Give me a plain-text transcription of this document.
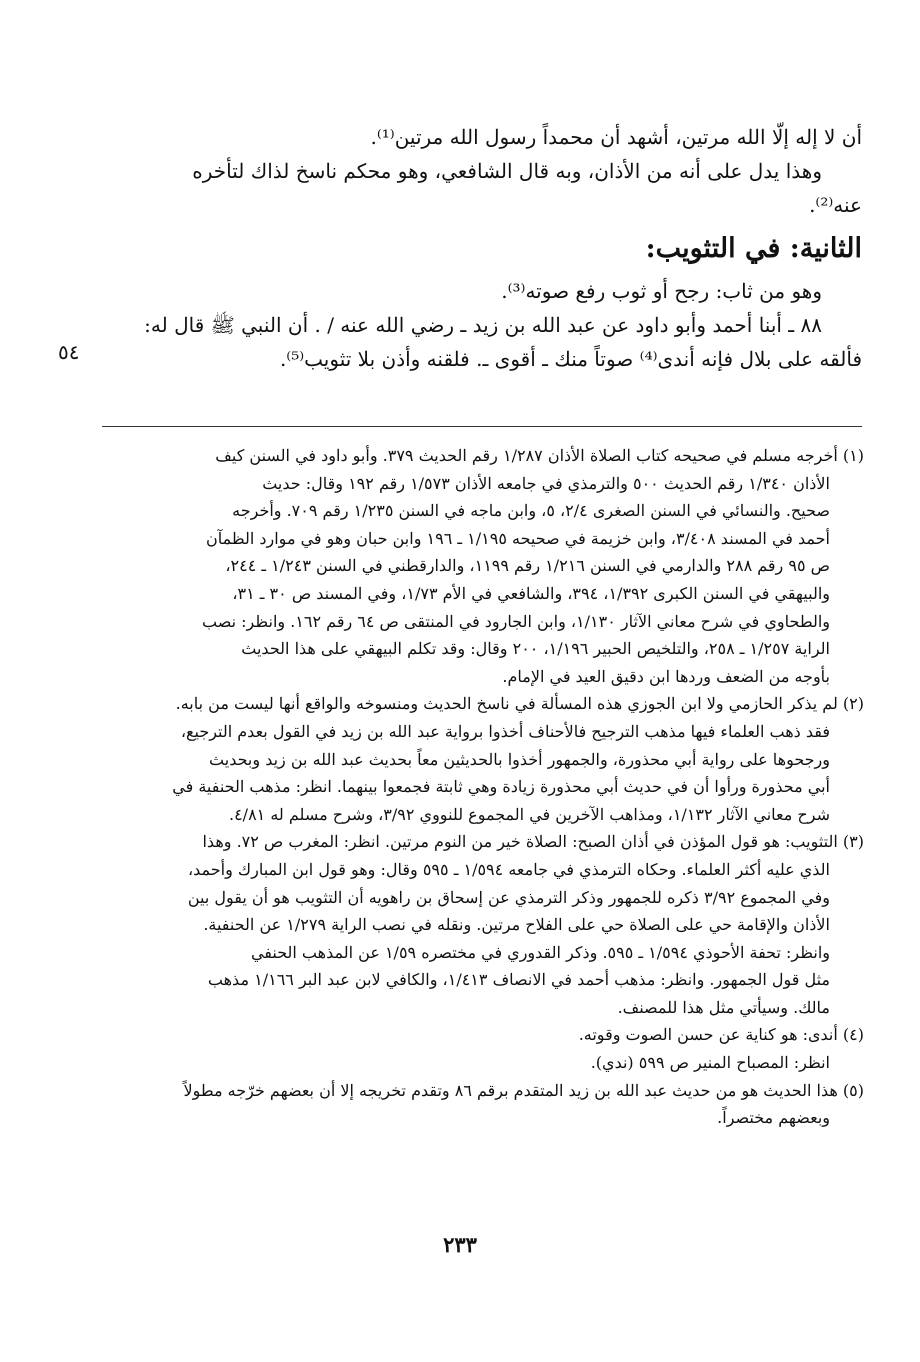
أن لا إله إلّا الله مرتين، أشهد أن محمداً رسول الله مرتين⁽¹⁾.

وهذا يدل على أنه من الأذان، وبه قال الشافعي، وهو محكم ناسخ لذاك لتأخره

عنه⁽²⁾.

الثانية: في التثويب:

وهو من ثاب: رجح أو ثوب رفع صوته⁽³⁾.

٨٨ ـ أبنا أحمد وأبو داود عن عبد الله بن زيد ـ رضي الله عنه / . أن النبي ﷺ قال له:

فألقه على بلال فإنه أندى⁽⁴⁾ صوتاً منك ـ أقوى ـ. فلقنه وأذن بلا تثويب⁽⁵⁾.

٥٤

(١) أخرجه مسلم في صحيحه كتاب الصلاة الأذان ١/٢٨٧ رقم الحديث ٣٧٩. وأبو داود في السنن كيف

الأذان ١/٣٤٠ رقم الحديث ٥٠٠ والترمذي في جامعه الأذان ١/٥٧٣ رقم ١٩٢ وقال: حديث

صحيح. والنسائي في السنن الصغرى ٢/٤، ٥، وابن ماجه في السنن ١/٢٣٥ رقم ٧٠٩. وأخرجه

أحمد في المسند ٣/٤٠٨، وابن خزيمة في صحيحه ١/١٩٥ ـ ١٩٦ وابن حبان وهو في موارد الظمآن

ص ٩٥ رقم ٢٨٨ والدارمي في السنن ١/٢١٦ رقم ١١٩٩، والدارقطني في السنن ١/٢٤٣ ـ ٢٤٤،

والبيهقي في السنن الكبرى ١/٣٩٢، ٣٩٤، والشافعي في الأم ١/٧٣، وفي المسند ص ٣٠ ـ ٣١،

والطحاوي في شرح معاني الآثار ١/١٣٠، وابن الجارود في المنتقى ص ٦٤ رقم ١٦٢. وانظر: نصب

الراية ١/٢٥٧ ـ ٢٥٨، والتلخيص الحبير ١/١٩٦، ٢٠٠ وقال: وقد تكلم البيهقي على هذا الحديث

بأوجه من الضعف وردها ابن دقيق العيد في الإمام.

(٢) لم يذكر الحازمي ولا ابن الجوزي هذه المسألة في ناسخ الحديث ومنسوخه والواقع أنها ليست من بابه.

فقد ذهب العلماء فيها مذهب الترجيح فالأحناف أخذوا برواية عبد الله بن زيد في القول بعدم الترجيع،

ورجحوها على رواية أبي محذورة، والجمهور أخذوا بالحديثين معاً بحديث عبد الله بن زيد وبحديث

أبي محذورة ورأوا أن في حديث أبي محذورة زيادة وهي ثابتة فجمعوا بينهما. انظر: مذهب الحنفية في

شرح معاني الآثار ١/١٣٢، ومذاهب الآخرين في المجموع للنووي ٣/٩٢، وشرح مسلم له ٤/٨١.

(٣) التثويب: هو قول المؤذن في أذان الصبح: الصلاة خير من النوم مرتين. انظر: المغرب ص ٧٢. وهذا

الذي عليه أكثر العلماء. وحكاه الترمذي في جامعه ١/٥٩٤ ـ ٥٩٥ وقال: وهو قول ابن المبارك وأحمد،

وفي المجموع ٣/٩٢ ذكره للجمهور وذكر الترمذي عن إسحاق بن راهويه أن التثويب هو أن يقول بين

الأذان والإقامة حي على الصلاة حي على الفلاح مرتين. ونقله في نصب الراية ١/٢٧٩ عن الحنفية.

وانظر: تحفة الأحوذي ١/٥٩٤ ـ ٥٩٥. وذكر القدوري في مختصره ١/٥٩ عن المذهب الحنفي

مثل قول الجمهور. وانظر: مذهب أحمد في الانصاف ١/٤١٣، والكافي لابن عبد البر ١/١٦٦ مذهب

مالك. وسيأتي مثل هذا للمصنف.

(٤) أندى: هو كناية عن حسن الصوت وقوته.

انظر: المصباح المنير ص ٥٩٩ (ندي).

(٥) هذا الحديث هو من حديث عبد الله بن زيد المتقدم برقم ٨٦ وتقدم تخريجه إلا أن بعضهم خرّجه مطولاً

وبعضهم مختصراً.

٢٣٣
